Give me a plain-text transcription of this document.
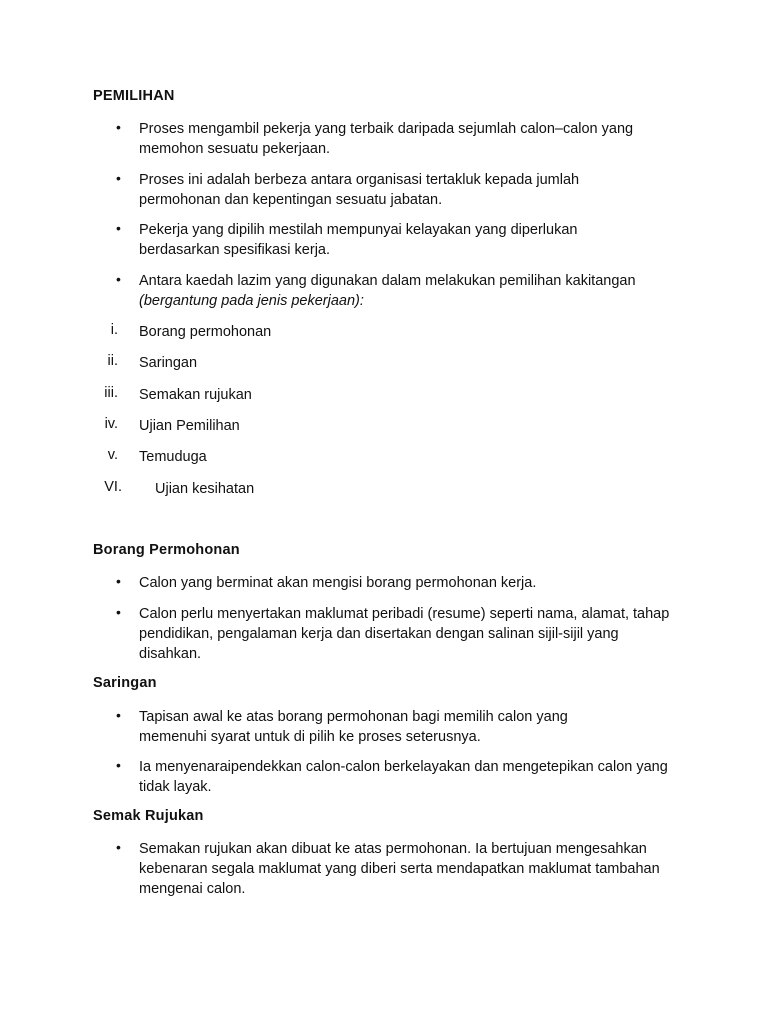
PEMILIHAN
• Proses mengambil pekerja yang terbaik daripada sejumlah calon–calon yang memohon sesuatu pekerjaan.
• Proses ini adalah berbeza antara organisasi tertakluk kepada jumlah permohonan dan kepentingan sesuatu jabatan.
• Pekerja yang dipilih mestilah mempunyai kelayakan yang diperlukan berdasarkan spesifikasi kerja.
• Antara kaedah lazim yang digunakan dalam melakukan pemilihan kakitangan (bergantung pada jenis pekerjaan):
i. Borang permohonan
ii. Saringan
iii. Semakan rujukan
iv. Ujian Pemilihan
v. Temuduga
VI. Ujian kesihatan
Borang Permohonan
• Calon yang berminat akan mengisi borang permohonan kerja.
• Calon perlu menyertakan maklumat peribadi (resume) seperti nama, alamat, tahap pendidikan, pengalaman kerja dan disertakan dengan salinan sijil-sijil yang disahkan.
Saringan
• Tapisan awal ke atas borang permohonan bagi memilih calon yang memenuhi syarat untuk di pilih ke proses seterusnya.
• Ia menyenaraipendekkan calon-calon berkelayakan dan mengetepikan calon yang tidak layak.
Semak Rujukan
• Semakan rujukan akan dibuat ke atas permohonan. Ia bertujuan mengesahkan kebenaran segala maklumat yang diberi serta mendapatkan maklumat tambahan mengenai calon.
